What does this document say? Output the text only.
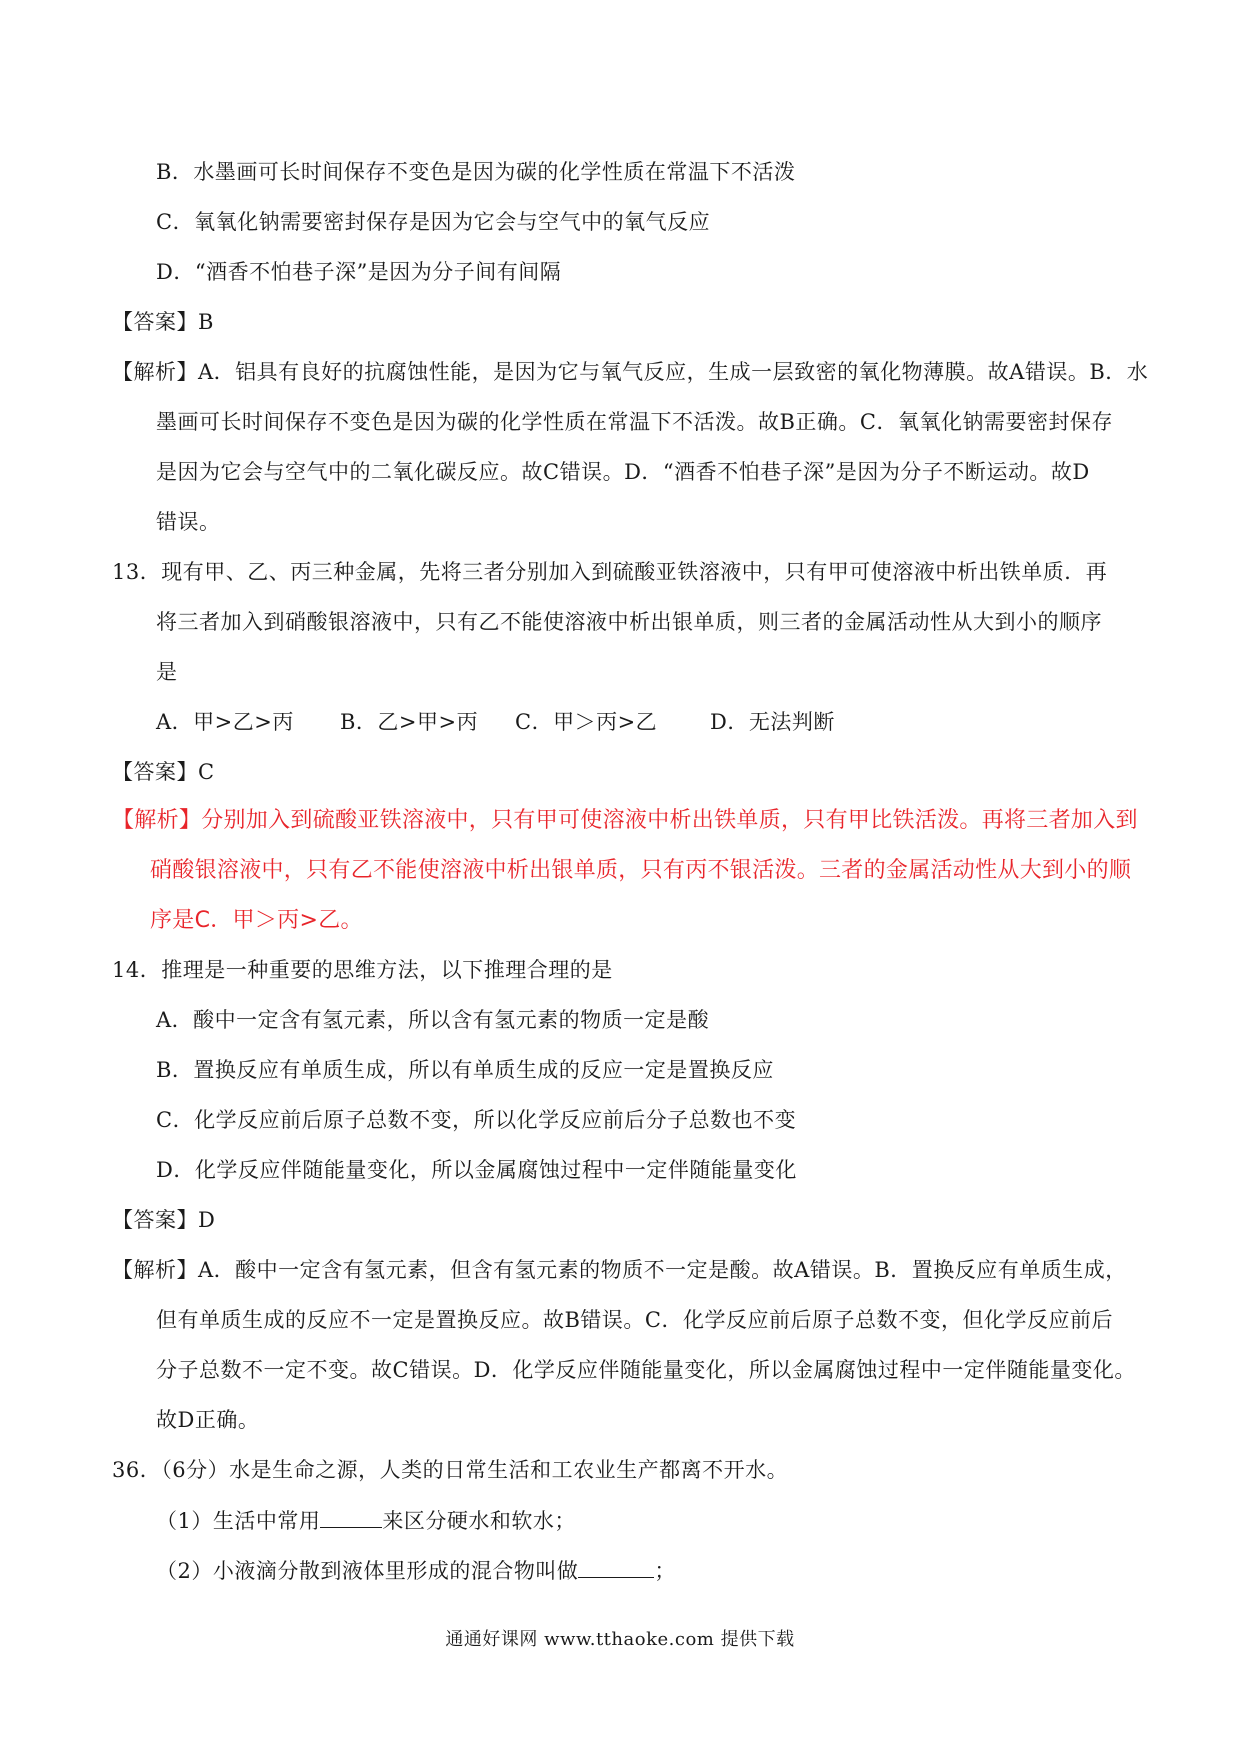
B．水墨画可长时间保存不变色是因为碳的化学性质在常温下不活泼
C．氧氧化钠需要密封保存是因为它会与空气中的氧气反应
D．“酒香不怕巷子深”是因为分子间有间隔
【答案】B
【解析】A．铝具有良好的抗腐蚀性能，是因为它与氧气反应，生成一层致密的氧化物薄膜。故A错误。B．水
墨画可长时间保存不变色是因为碳的化学性质在常温下不活泼。故B正确。C．氧氧化钠需要密封保存
是因为它会与空气中的二氧化碳反应。故C错误。D．“酒香不怕巷子深”是因为分子不断运动。故D
错误。
13．现有甲、乙、丙三种金属，先将三者分别加入到硫酸亚铁溶液中，只有甲可使溶液中析出铁单质．再
将三者加入到硝酸银溶液中，只有乙不能使溶液中析出银单质，则三者的金属活动性从大到小的顺序
是
A．甲>乙>丙 B．乙>甲>丙 C．甲＞丙>乙	D．无法判断
【答案】C
【解析】分别加入到硫酸亚铁溶液中，只有甲可使溶液中析出铁单质，只有甲比铁活泼。再将三者加入到
硝酸银溶液中，只有乙不能使溶液中析出银单质，只有丙不银活泼。三者的金属活动性从大到小的顺
序是C．甲＞丙>乙。
14．推理是一种重要的思维方法，以下推理合理的是
A．酸中一定含有氢元素，所以含有氢元素的物质一定是酸
B．置换反应有单质生成，所以有单质生成的反应一定是置换反应
C．化学反应前后原子总数不变，所以化学反应前后分子总数也不变
D．化学反应伴随能量变化，所以金属腐蚀过程中一定伴随能量变化
【答案】D
【解析】A．酸中一定含有氢元素，但含有氢元素的物质不一定是酸。故A错误。B．置换反应有单质生成，
但有单质生成的反应不一定是置换反应。故B错误。C．化学反应前后原子总数不变，但化学反应前后
分子总数不一定不变。故C错误。D．化学反应伴随能量变化，所以金属腐蚀过程中一定伴随能量变化。
故D正确。
36．（6分）水是生命之源，人类的日常生活和工农业生产都离不开水。
（1）生活中常用	来区分硬水和软水；
（2）小液滴分散到液体里形成的混合物叫做	；
通通好课网 www.tthaoke.com 提供下载
